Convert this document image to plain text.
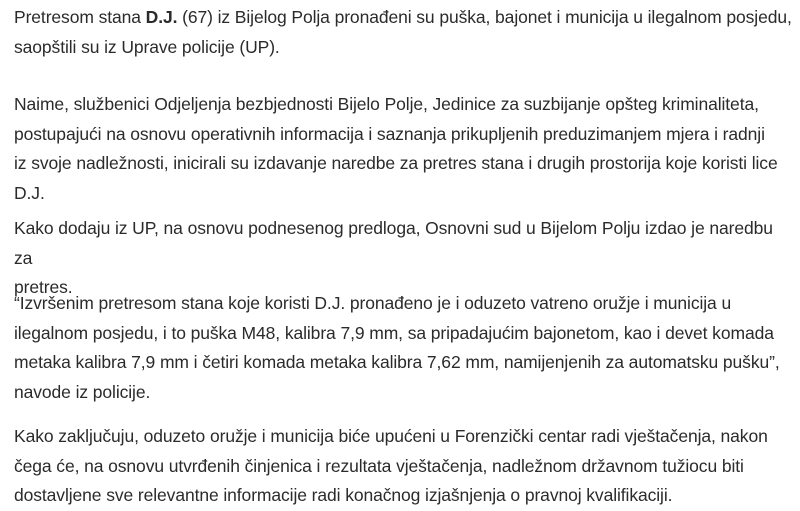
Pretresom stana D.J. (67) iz Bijelog Polja pronađeni su puška, bajonet i municija u ilegalnom posjedu,
saopštili su iz Uprave policije (UP).

Naime, službenici Odjeljenja bezbjednosti Bijelo Polje, Jedinice za suzbijanje opšteg kriminaliteta,
postupajući na osnovu operativnih informacija i saznanja prikupljenih preduzimanjem mjera i radnji
iz svoje nadležnosti, inicirali su izdavanje naredbe za pretres stana i drugih prostorija koje koristi lice
D.J.

Kako dodaju iz UP, na osnovu podnesenog predloga, Osnovni sud u Bijelom Polju izdao je naredbu za
pretres.

“Izvršenim pretresom stana koje koristi D.J. pronađeno je i oduzeto vatreno oružje i municija u
ilegalnom posjedu, i to puška M48, kalibra 7,9 mm, sa pripadajućim bajonetom, kao i devet komada
metaka kalibra 7,9 mm i četiri komada metaka kalibra 7,62 mm, namijenjenih za automatsku pušku”,
navode iz policije.

Kako zaključuju, oduzeto oružje i municija biće upućeni u Forenzički centar radi vještačenja, nakon
čega će, na osnovu utvrđenih činjenica i rezultata vještačenja, nadležnom državnom tužiocu biti
dostavljene sve relevantne informacije radi konačnog izjašnjenja o pravnoj kvalifikaciji.
